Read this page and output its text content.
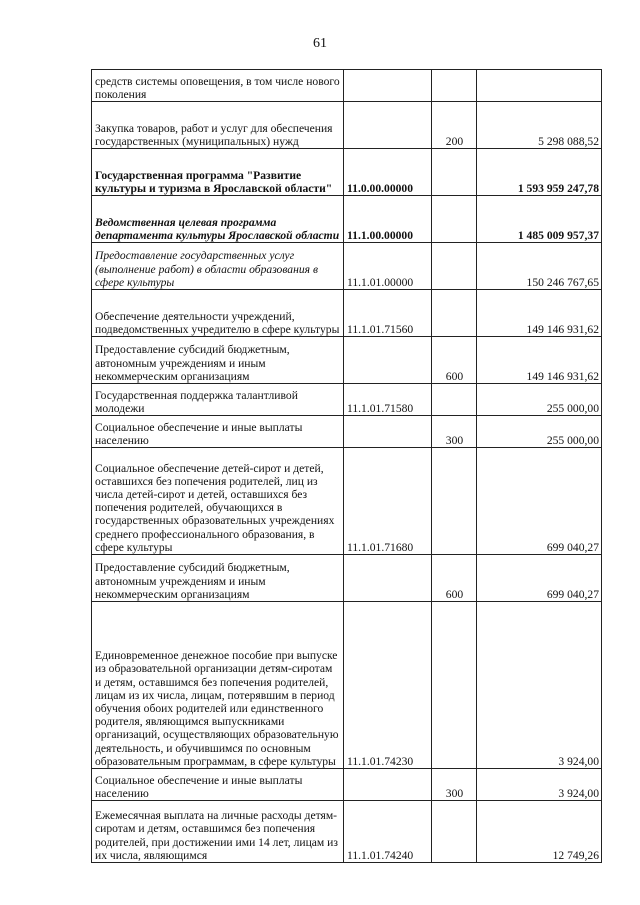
61
средств системы оповещения, в том числе нового поколения			
Закупка товаров, работ и услуг для обеспечения государственных (муниципальных) нужд		200	5 298 088,52
Государственная программа "Развитие культуры и туризма в Ярославской области"	11.0.00.00000		1 593 959 247,78
Ведомственная целевая программа департамента культуры Ярославской области	11.1.00.00000		1 485 009 957,37
Предоставление государственных услуг (выполнение работ) в области образования в сфере культуры	11.1.01.00000		150 246 767,65
Обеспечение деятельности учреждений, подведомственных учредителю в сфере культуры	11.1.01.71560		149 146 931,62
Предоставление субсидий бюджетным, автономным учреждениям и иным некоммерческим организациям		600	149 146 931,62
Государственная поддержка талантливой молодежи	11.1.01.71580		255 000,00
Социальное обеспечение и иные выплаты населению		300	255 000,00
Социальное обеспечение детей-сирот и детей, оставшихся без попечения родителей, лиц из числа детей-сирот и детей, оставшихся без попечения родителей, обучающихся в государственных образовательных учреждениях среднего профессионального образования, в сфере культуры	11.1.01.71680		699 040,27
Предоставление субсидий бюджетным, автономным учреждениям и иным некоммерческим организациям		600	699 040,27
Единовременное денежное пособие при выпуске из образовательной организации детям-сиротам и детям, оставшимся без попечения родителей, лицам из их числа, лицам, потерявшим в период обучения обоих родителей или единственного родителя, являющимся выпускниками организаций, осуществляющих образовательную деятельность, и обучившимся по основным образовательным программам, в сфере культуры	11.1.01.74230		3 924,00
Социальное обеспечение и иные выплаты населению		300	3 924,00
Ежемесячная выплата на личные расходы детям-сиротам и детям, оставшимся без попечения родителей, при достижении ими 14 лет, лицам из их числа, являющимся	11.1.01.74240		12 749,26
